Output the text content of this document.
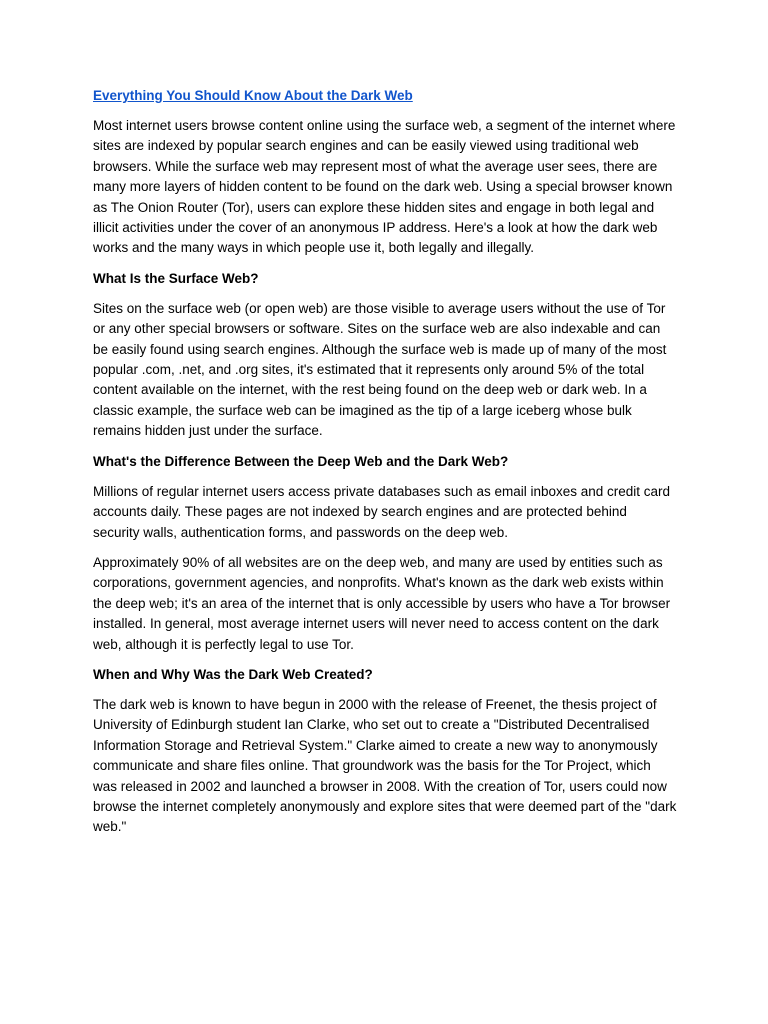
Everything You Should Know About the Dark Web

Most internet users browse content online using the surface web, a segment of the internet where sites are indexed by popular search engines and can be easily viewed using traditional web browsers. While the surface web may represent most of what the average user sees, there are many more layers of hidden content to be found on the dark web. Using a special browser known as The Onion Router (Tor), users can explore these hidden sites and engage in both legal and illicit activities under the cover of an anonymous IP address. Here's a look at how the dark web works and the many ways in which people use it, both legally and illegally.

What Is the Surface Web?

Sites on the surface web (or open web) are those visible to average users without the use of Tor or any other special browsers or software. Sites on the surface web are also indexable and can be easily found using search engines. Although the surface web is made up of many of the most popular .com, .net, and .org sites, it's estimated that it represents only around 5% of the total content available on the internet, with the rest being found on the deep web or dark web. In a classic example, the surface web can be imagined as the tip of a large iceberg whose bulk remains hidden just under the surface.

What's the Difference Between the Deep Web and the Dark Web?

Millions of regular internet users access private databases such as email inboxes and credit card accounts daily. These pages are not indexed by search engines and are protected behind security walls, authentication forms, and passwords on the deep web.

Approximately 90% of all websites are on the deep web, and many are used by entities such as corporations, government agencies, and nonprofits. What's known as the dark web exists within the deep web; it's an area of the internet that is only accessible by users who have a Tor browser installed. In general, most average internet users will never need to access content on the dark web, although it is perfectly legal to use Tor.

When and Why Was the Dark Web Created?

The dark web is known to have begun in 2000 with the release of Freenet, the thesis project of University of Edinburgh student Ian Clarke, who set out to create a "Distributed Decentralised Information Storage and Retrieval System." Clarke aimed to create a new way to anonymously communicate and share files online. That groundwork was the basis for the Tor Project, which was released in 2002 and launched a browser in 2008. With the creation of Tor, users could now browse the internet completely anonymously and explore sites that were deemed part of the "dark web."
